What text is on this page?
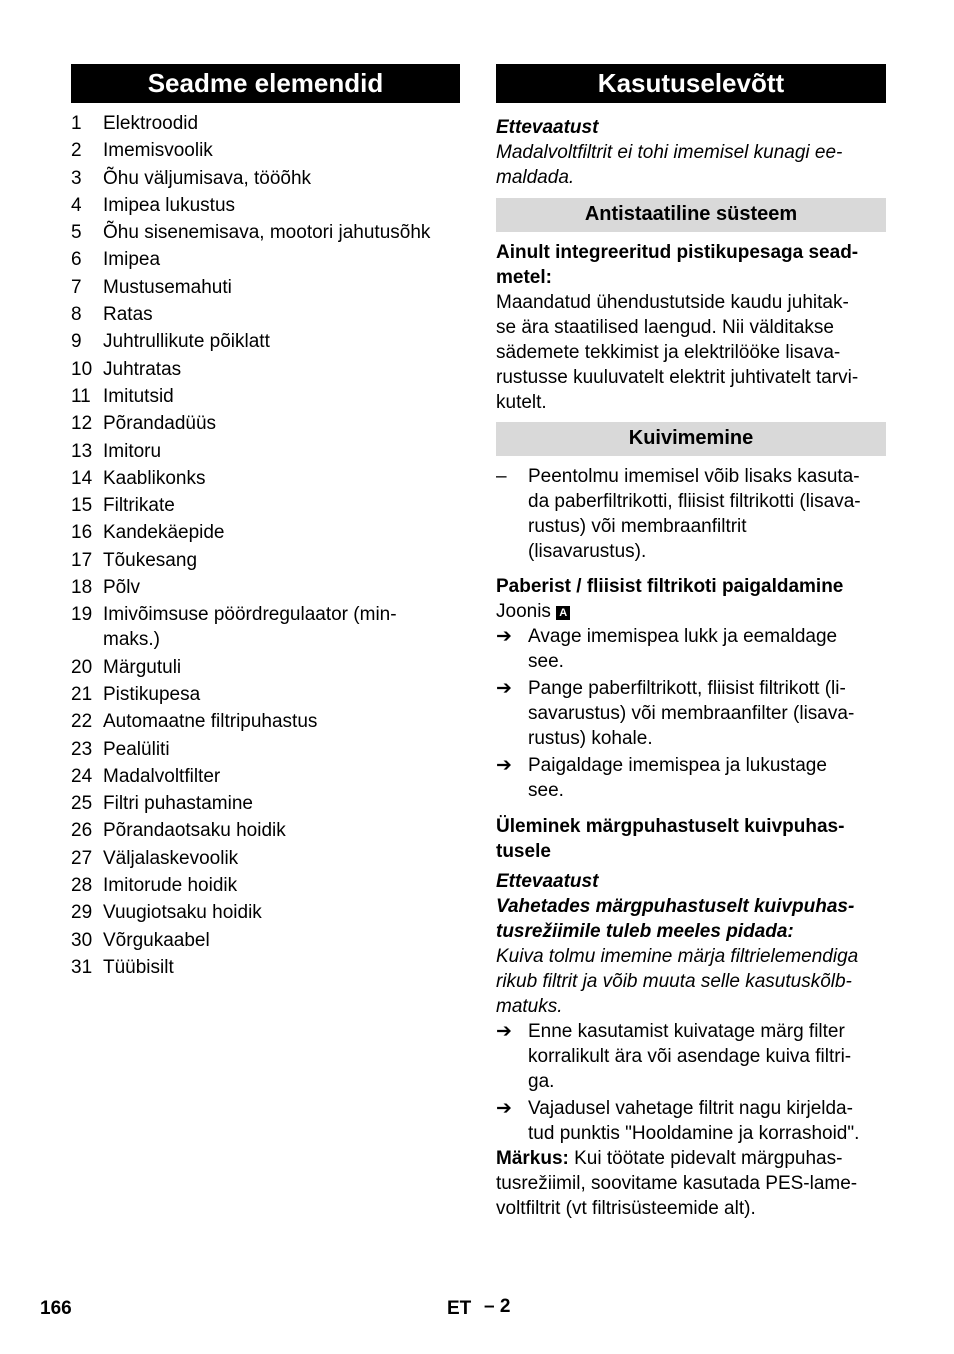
Seadme elemendid
1	Elektroodid
2	Imemisvoolik
3	Õhu väljumisava, tööõhk
4	Imipea lukustus
5	Õhu sisenemisava, mootori jahutusõhk
6	Imipea
7	Mustusemahuti
8	Ratas
9	Juhtrullikute põiklatt
10 Juhtratas
11 Imitutsid
12 Põrandadüüs
13 Imitoru
14 Kaablikonks
15 Filtrikate
16 Kandekäepide
17 Tõukesang
18 Põlv
19 Imivõimsuse pöördregulaator (min-
maks.)
20 Märgutuli
21 Pistikupesa
22 Automaatne filtripuhastus
23 Pealüliti
24 Madalvoltfilter
25 Filtri puhastamine
26 Põrandaotsaku hoidik
27 Väljalaskevoolik
28 Imitorude hoidik
29 Vuugiotsaku hoidik
30 Võrgukaabel
31 Tüübisilt
Kasutuselevõtt

Ettevaatust

Madalvoltfiltrit ei tohi imemisel kunagi ee-
maldada.

Antistaatiline süsteem

Ainult integreeritud pistikupesaga sead-
metel:

Maandatud ühendustutside kaudu juhitak-
se ära staatilised laengud. Nii välditakse
sädemete tekkimist ja elektrilööke lisava-
rustusse kuuluvatelt elektrit juhtivatelt tarvi-
kutelt.

Kuivimemine
–	Peentolmu imemisel võib lisaks kasuta-
da paberfiltrikotti, fliisist filtrikotti (lisava-
rustus) või membraanfiltrit
(lisavarustus).

Paberist / fliisist filtrikoti paigaldamine

Joonis A

➔ Avage imemispea lukk ja eemaldage
see.
➔ Pange paberfiltrikott, fliisist filtrikott (li-
savarustus) või membraanfilter (lisava-
rustus) kohale.
➔ Paigaldage imemispea ja lukustage
see.

Üleminek märgpuhastuselt kuivpuhas-
tusele

Ettevaatust

Vahetades märgpuhastuselt kuivpuhas-
tusrežiimile tuleb meeles pidada:

Kuiva tolmu imemine märja filtrielemendiga
rikub filtrit ja võib muuta selle kasutuskõlb-
matuks.

➔ Enne kasutamist kuivatage märg filter
korralikult ära või asendage kuiva filtri-
ga.
➔ Vajadusel vahetage filtrit nagu kirjelda-
tud punktis "Hooldamine ja korrashoid".

Märkus: Kui töötate pidevalt märgpuhas-
tusrežiimil, soovitame kasutada PES-lame-
voltfiltrit (vt filtrisüsteemide alt).

166	ET – 2
